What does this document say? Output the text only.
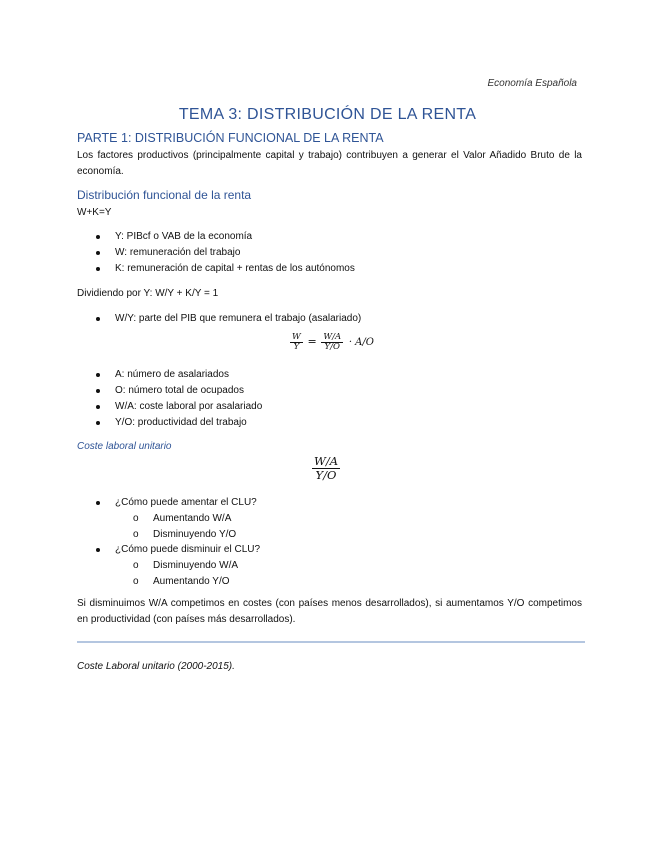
Economía Española
TEMA 3: DISTRIBUCIÓN DE LA RENTA
PARTE 1: DISTRIBUCIÓN FUNCIONAL DE LA RENTA
Los factores productivos (principalmente capital y trabajo) contribuyen a generar el Valor Añadido Bruto de la economía.
Distribución funcional de la renta
W+K=Y
Y: PIBcf o VAB de la economía
W: remuneración del trabajo
K: remuneración de capital + rentas de los autónomos
Dividiendo por Y: W/Y + K/Y = 1
W/Y: parte del PIB que remunera el trabajo (asalariado)
$\frac{W}{Y} = \frac{W/A}{Y/O} \cdot A/O$
A: número de asalariados
O: número total de ocupados
W/A: coste laboral por asalariado
Y/O: productividad del trabajo
Coste laboral unitario
$\frac{W/A}{Y/O}$
¿Cómo puede amentar el CLU?
o Aumentando W/A
o Disminuyendo Y/O
¿Cómo puede disminuir el CLU?
o Disminuyendo W/A
o Aumentando Y/O
Si disminuimos W/A competimos en costes (con países menos desarrollados), si aumentamos Y/O competimos en productividad (con países más desarrollados).
Coste Laboral unitario (2000-2015).
